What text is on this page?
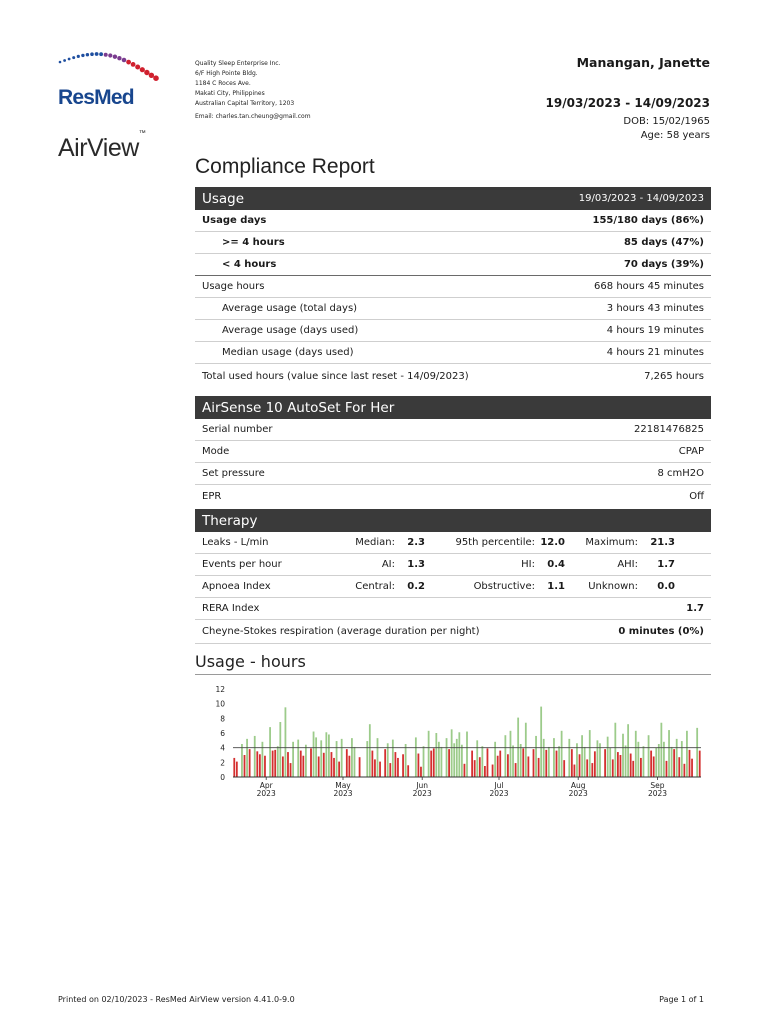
ResMed
AirView™
Quality Sleep Enterprise Inc.
6/F High Pointe Bldg.
1184 C Roces Ave.
Makati City, Philippines
Australian Capital Territory, 1203
Email: charles.tan.cheung@gmail.com
Manangan, Janette
19/03/2023 - 14/09/2023
DOB: 15/02/1965
Age: 58 years
Compliance Report
Usage	19/03/2023 - 14/09/2023
Usage days	155/180 days (86%)
>= 4 hours	85 days (47%)
< 4 hours	70 days (39%)
Usage hours	668 hours 45 minutes
Average usage (total days)	3 hours 43 minutes
Average usage (days used)	4 hours 19 minutes
Median usage (days used)	4 hours 21 minutes
Total used hours (value since last reset - 14/09/2023)	7,265 hours
AirSense 10 AutoSet For Her
Serial number	22181476825
Mode	CPAP
Set pressure	8 cmH2O
EPR	Off
Therapy
Leaks - L/min	Median:	2.3	95th percentile: 12.0	Maximum:	21.3
Events per hour	AI:	1.3	HI:	0.4	AHI:	1.7
Apnoea Index	Central:	0.2	Obstructive:	1.1	Unknown:	0.0
RERA Index	1.7
Cheyne-Stokes respiration (average duration per night)	0 minutes (0%)
Usage - hours
0
2
4
6
8
10
12
Apr
2023
May
2023
Jun
2023
Jul
2023
Aug
2023
Sep
2023
Printed on 02/10/2023 - ResMed AirView version 4.41.0-9.0	Page 1 of 1
